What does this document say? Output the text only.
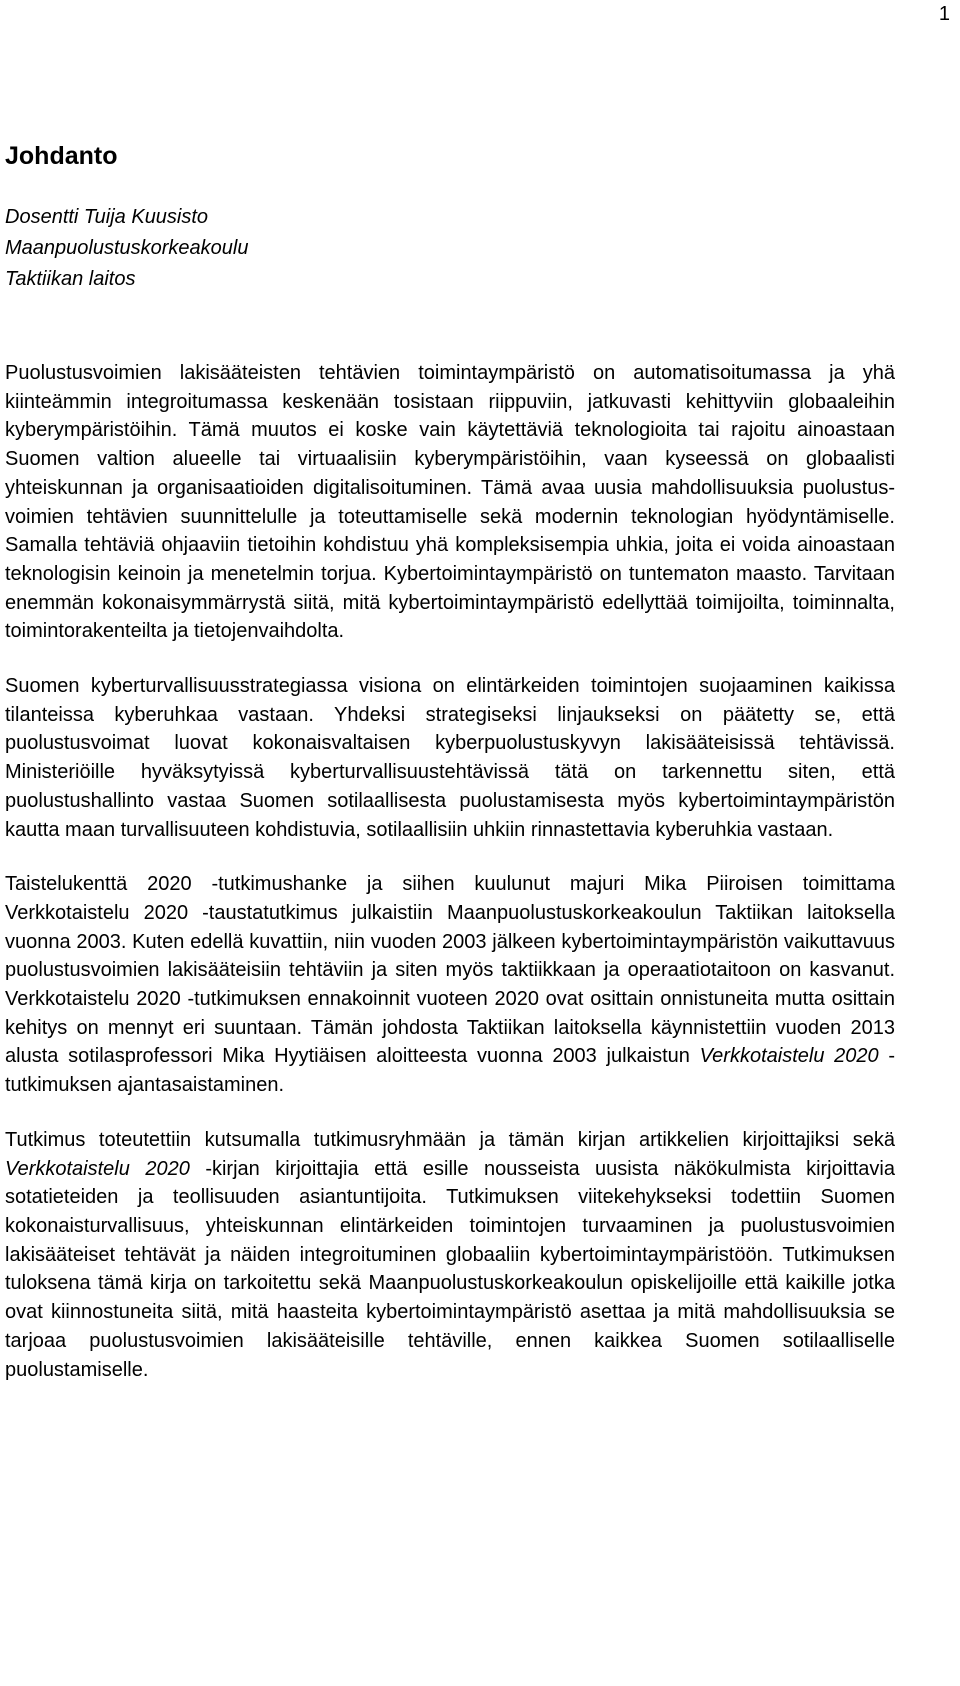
1
Johdanto
Dosentti Tuija Kuusisto
Maanpuolustuskorkeakoulu
Taktiikan laitos

Puolustusvoimien lakisääteisten tehtävien toimintaympäristö on automatisoitumassa ja yhä kiinteämmin integroitumassa keskenään tosistaan riippuviin, jatkuvasti kehittyviin globaaleihin kyberympäristöihin. Tämä muutos ei koske vain käytettäviä teknologioita tai rajoitu ainoastaan Suomen valtion alueelle tai virtuaalisiin kyberympäristöihin, vaan kyseessä on globaalisti yhteiskunnan ja organisaatioiden digitalisoituminen. Tämä avaa uusia mahdollisuuksia puolustusvoimien tehtävien suunnittelulle ja toteuttamiselle sekä modernin teknologian hyödyntämiselle. Samalla tehtäviä ohjaaviin tietoihin kohdistuu yhä kompleksisempia uhkia, joita ei voida ainoastaan teknologisin keinoin ja menetelmin torjua. Kybertoimintaympäristö on tuntematon maasto. Tarvitaan enemmän kokonaisymmärrystä siitä, mitä kybertoimintaympäristö edellyttää toimijoilta, toiminnalta, toimintorakenteilta ja tietojenvaihdolta.

Suomen kyberturvallisuusstrategiassa visiona on elintärkeiden toimintojen suojaaminen kaikissa tilanteissa kyberuhkaa vastaan. Yhdeksi strategiseksi linjaukseksi on päätetty se, että puolustusvoimat luovat kokonaisvaltaisen kyberpuolustuskyvyn lakisääteisissä tehtävissä. Ministeriöille hyväksytyissä kyberturvallisuustehtävissä tätä on tarkennettu siten, että puolustushallinto vastaa Suomen sotilaallisesta puolustamisesta myös kybertoimintaympäristön kautta maan turvallisuuteen kohdistuvia, sotilaallisiin uhkiin rinnastettavia kyberuhkia vastaan.

Taistelukenttä 2020 -tutkimushanke ja siihen kuulunut majuri Mika Piiroisen toimittama Verkkotaistelu 2020 -taustatutkimus julkaistiin Maanpuolustuskorkeakoulun Taktiikan laitoksella vuonna 2003. Kuten edellä kuvattiin, niin vuoden 2003 jälkeen kybertoimintaympäristön vaikuttavuus puolustusvoimien lakisääteisiin tehtäviin ja siten myös taktiikkaan ja operaatiotaitoon on kasvanut. Verkkotaistelu 2020 -tutkimuksen ennakoinnit vuoteen 2020 ovat osittain onnistuneita mutta osittain kehitys on mennyt eri suuntaan. Tämän johdosta Taktiikan laitoksella käynnistettiin vuoden 2013 alusta sotilasprofessori Mika Hyytiäisen aloitteesta vuonna 2003 julkaistun Verkkotaistelu 2020 -tutkimuksen ajantasaistaminen.

Tutkimus toteutettiin kutsumalla tutkimusryhmään ja tämän kirjan artikkelien kirjoittajiksi sekä Verkkotaistelu 2020 -kirjan kirjoittajia että esille nousseista uusista näkökulmista kirjoittavia sotatieteiden ja teollisuuden asiantuntijoita. Tutkimuksen viitekehykseksi todettiin Suomen kokonaisturvallisuus, yhteiskunnan elintärkeiden toimintojen turvaaminen ja puolustusvoimien lakisääteiset tehtävät ja näiden integroituminen globaaliin kybertoimintaympäristöön. Tutkimuksen tuloksena tämä kirja on tarkoitettu sekä Maanpuolustuskorkeakoulun opiskelijoille että kaikille jotka ovat kiinnostuneita siitä, mitä haasteita kybertoimintaympäristö asettaa ja mitä mahdollisuuksia se tarjoaa puolustusvoimien lakisääteisille tehtäville, ennen kaikkea Suomen sotilaalliselle puolustamiselle.
